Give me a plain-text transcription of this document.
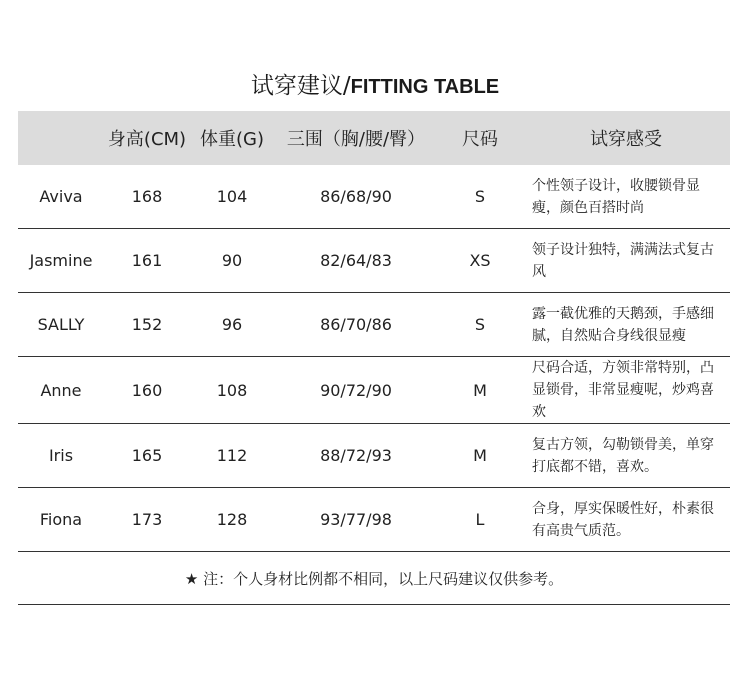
试穿建议/FITTING TABLE
	身高(CM)	体重(G)	三围（胸/腰/臀）	尺码	试穿感受
Aviva	168	104	86/68/90	S	个性领子设计，收腰锁骨显瘦，颜色百搭时尚
Jasmine	161	90	82/64/83	XS	领子设计独特，满满法式复古风
SALLY	152	96	86/70/86	S	露一截优雅的天鹅颈，手感细腻，自然贴合身线很显瘦
Anne	160	108	90/72/90	M	尺码合适，方领非常特别，凸显锁骨，非常显瘦呢，炒鸡喜欢
Iris	165	112	88/72/93	M	复古方领，勾勒锁骨美，单穿打底都不错，喜欢。
Fiona	173	128	93/77/98	L	合身，厚实保暖性好，朴素很有高贵气质范。
★ 注：个人身材比例都不相同，以上尺码建议仅供参考。					
